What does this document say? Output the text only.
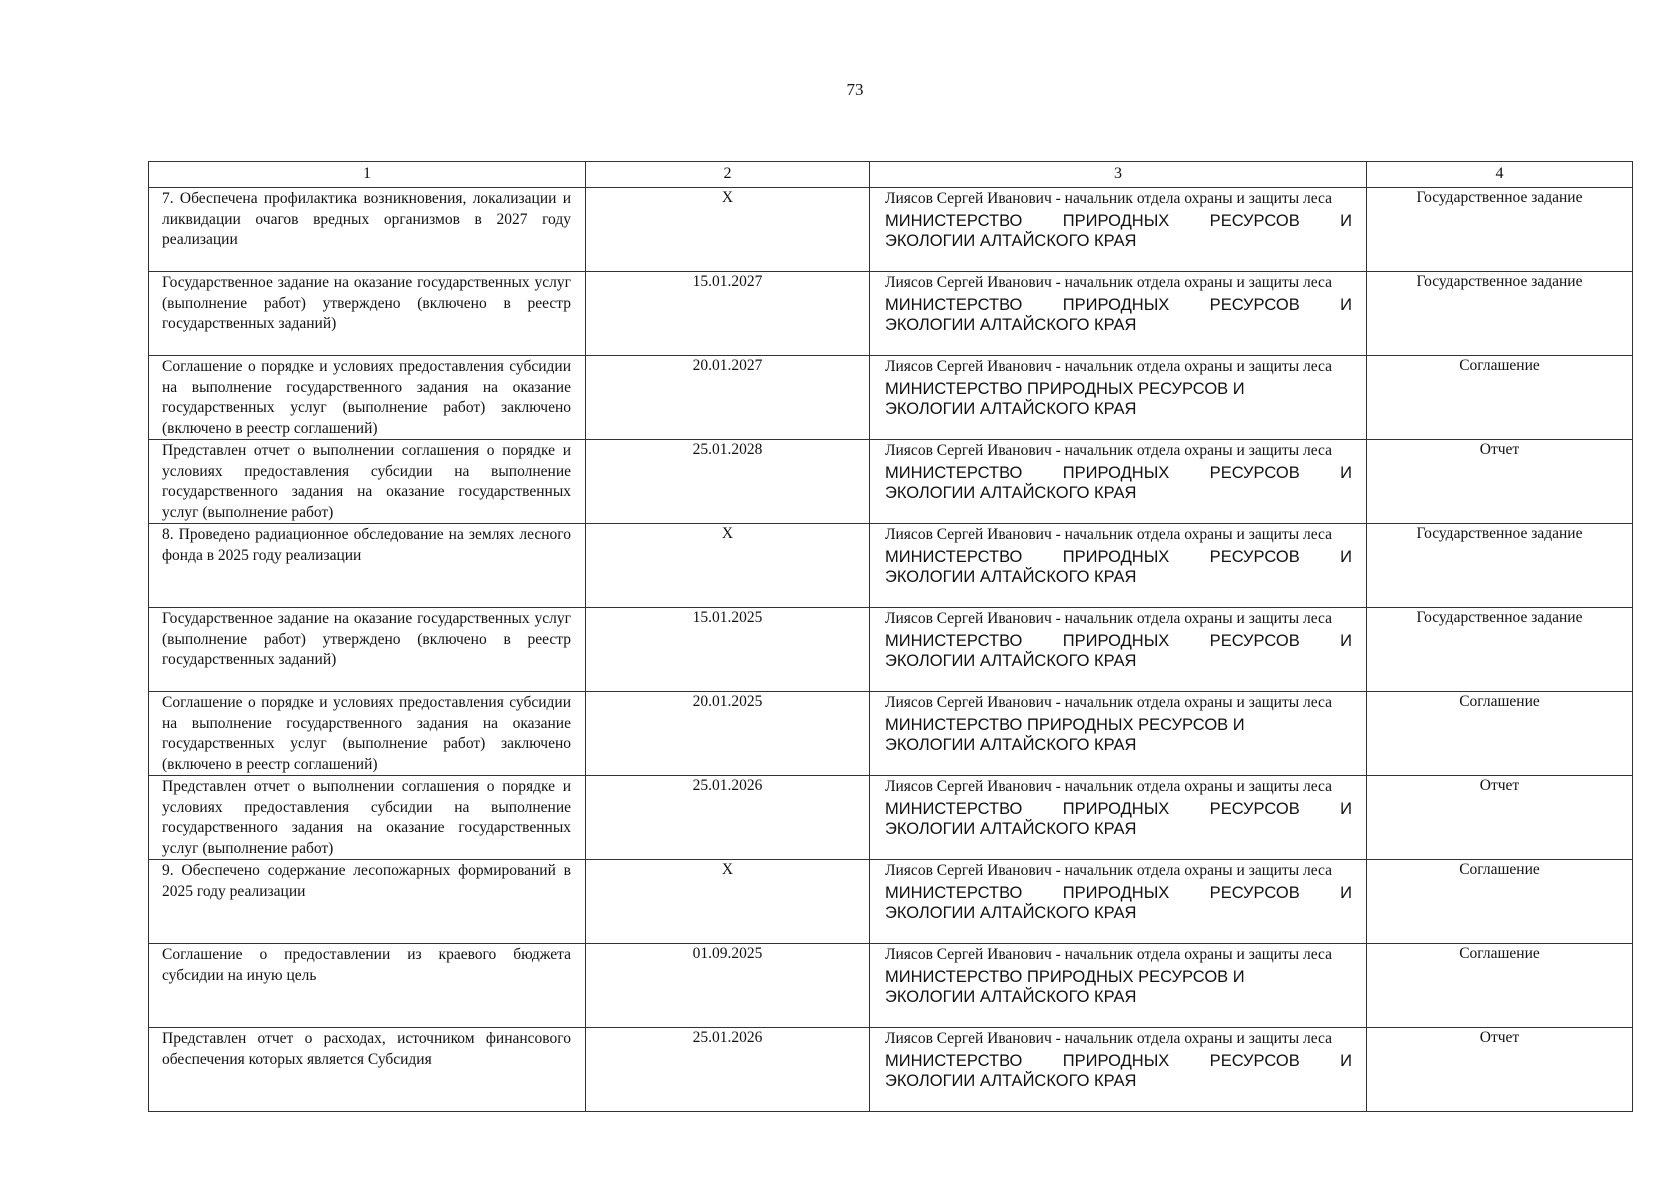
73
1	2	3	4
7. Обеспечена профилактика возникновения, локализации и ликвидации очагов вредных организмов в 2027 году реализации	X	Лиясов Сергей Иванович - начальник отдела охраны и защиты леса
МИНИСТЕРСТВО ПРИРОДНЫХ РЕСУРСОВ И
ЭКОЛОГИИ АЛТАЙСКОГО КРАЯ	Государственное задание
Государственное задание на оказание государственных услуг (выполнение работ) утверждено (включено в реестр государственных заданий)	15.01.2027	Лиясов Сергей Иванович - начальник отдела охраны и защиты леса
МИНИСТЕРСТВО ПРИРОДНЫХ РЕСУРСОВ И
ЭКОЛОГИИ АЛТАЙСКОГО КРАЯ	Государственное задание
Соглашение о порядке и условиях предоставления субсидии на выполнение государственного задания на оказание государственных услуг (выполнение работ) заключено (включено в реестр соглашений)	20.01.2027	Лиясов Сергей Иванович - начальник отдела охраны и защиты леса
МИНИСТЕРСТВО ПРИРОДНЫХ РЕСУРСОВ И
ЭКОЛОГИИ АЛТАЙСКОГО КРАЯ	Соглашение
Представлен отчет о выполнении соглашения о порядке и условиях предоставления субсидии на выполнение государственного задания на оказание государственных услуг (выполнение работ)	25.01.2028	Лиясов Сергей Иванович - начальник отдела охраны и защиты леса
МИНИСТЕРСТВО ПРИРОДНЫХ РЕСУРСОВ И
ЭКОЛОГИИ АЛТАЙСКОГО КРАЯ	Отчет
8. Проведено радиационное обследование на землях лесного фонда в 2025 году реализации	X	Лиясов Сергей Иванович - начальник отдела охраны и защиты леса
МИНИСТЕРСТВО ПРИРОДНЫХ РЕСУРСОВ И
ЭКОЛОГИИ АЛТАЙСКОГО КРАЯ	Государственное задание
Государственное задание на оказание государственных услуг (выполнение работ) утверждено (включено в реестр государственных заданий)	15.01.2025	Лиясов Сергей Иванович - начальник отдела охраны и защиты леса
МИНИСТЕРСТВО ПРИРОДНЫХ РЕСУРСОВ И
ЭКОЛОГИИ АЛТАЙСКОГО КРАЯ	Государственное задание
Соглашение о порядке и условиях предоставления субсидии на выполнение государственного задания на оказание государственных услуг (выполнение работ) заключено (включено в реестр соглашений)	20.01.2025	Лиясов Сергей Иванович - начальник отдела охраны и защиты леса
МИНИСТЕРСТВО ПРИРОДНЫХ РЕСУРСОВ И
ЭКОЛОГИИ АЛТАЙСКОГО КРАЯ	Соглашение
Представлен отчет о выполнении соглашения о порядке и условиях предоставления субсидии на выполнение государственного задания на оказание государственных услуг (выполнение работ)	25.01.2026	Лиясов Сергей Иванович - начальник отдела охраны и защиты леса
МИНИСТЕРСТВО ПРИРОДНЫХ РЕСУРСОВ И
ЭКОЛОГИИ АЛТАЙСКОГО КРАЯ	Отчет
9. Обеспечено содержание лесопожарных формирований в 2025 году реализации	X	Лиясов Сергей Иванович - начальник отдела охраны и защиты леса
МИНИСТЕРСТВО ПРИРОДНЫХ РЕСУРСОВ И
ЭКОЛОГИИ АЛТАЙСКОГО КРАЯ	Соглашение
Соглашение о предоставлении из краевого бюджета субсидии на иную цель	01.09.2025	Лиясов Сергей Иванович - начальник отдела охраны и защиты леса
МИНИСТЕРСТВО ПРИРОДНЫХ РЕСУРСОВ И
ЭКОЛОГИИ АЛТАЙСКОГО КРАЯ	Соглашение
Представлен отчет о расходах, источником финансового обеспечения которых является Субсидия	25.01.2026	Лиясов Сергей Иванович - начальник отдела охраны и защиты леса
МИНИСТЕРСТВО ПРИРОДНЫХ РЕСУРСОВ И
ЭКОЛОГИИ АЛТАЙСКОГО КРАЯ	Отчет
